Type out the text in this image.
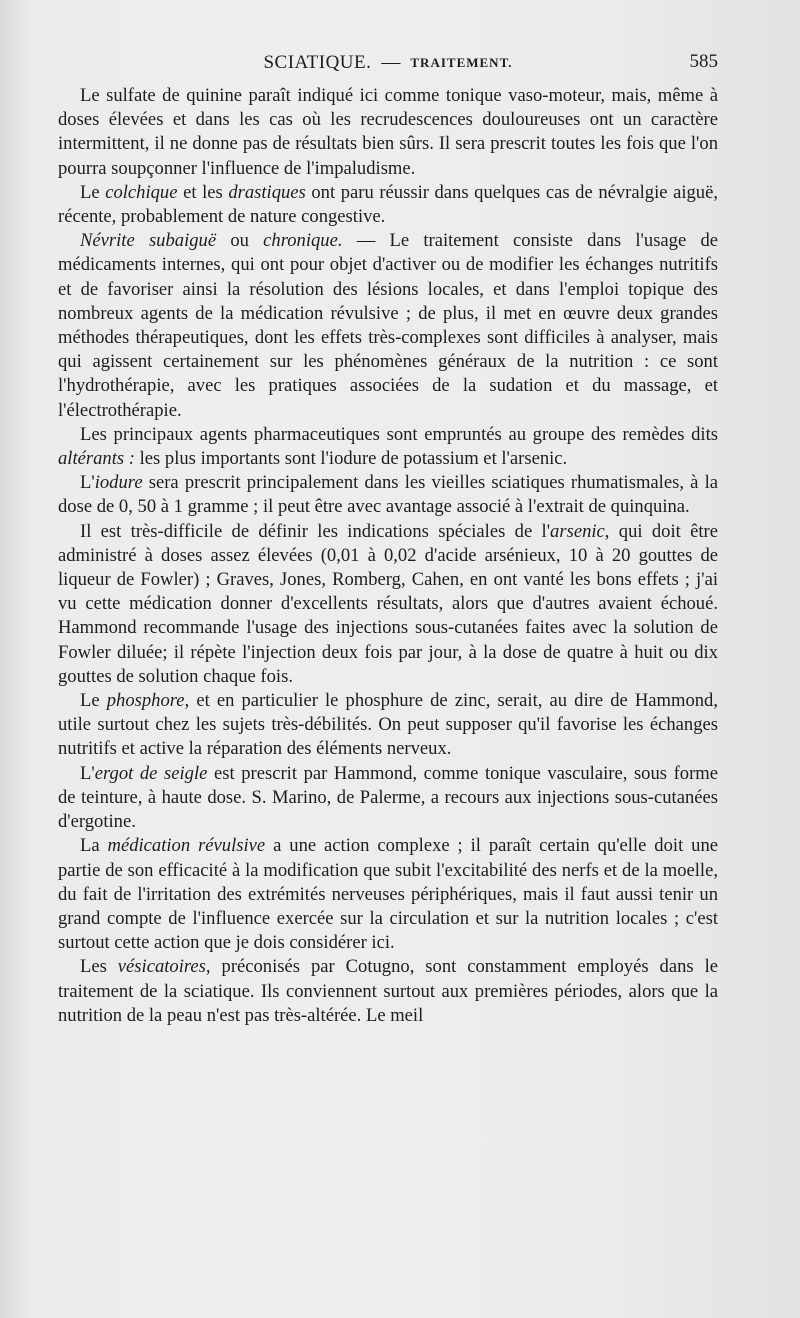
SCIATIQUE. — TRAITEMENT.	585

Le sulfate de quinine paraît indiqué ici comme tonique vaso-moteur, mais, même à doses élevées et dans les cas où les recrudescences douloureuses ont un caractère intermittent, il ne donne pas de résultats bien sûrs. Il sera prescrit toutes les fois que l'on pourra soupçonner l'influence de l'impaludisme.

Le colchique et les drastiques ont paru réussir dans quelques cas de névralgie aiguë, récente, probablement de nature congestive.

Névrite subaiguë ou chronique. — Le traitement consiste dans l'usage de médicaments internes, qui ont pour objet d'activer ou de modifier les échanges nutritifs et de favoriser ainsi la résolution des lésions locales, et dans l'emploi topique des nombreux agents de la médication révulsive ; de plus, il met en œuvre deux grandes méthodes thérapeutiques, dont les effets très-complexes sont difficiles à analyser, mais qui agissent certainement sur les phénomènes généraux de la nutrition : ce sont l'hydrothérapie, avec les pratiques associées de la sudation et du massage, et l'électrothérapie.

Les principaux agents pharmaceutiques sont empruntés au groupe des remèdes dits altérants : les plus importants sont l'iodure de potassium et l'arsenic.

L'iodure sera prescrit principalement dans les vieilles sciatiques rhumatismales, à la dose de 0, 50 à 1 gramme ; il peut être avec avantage associé à l'extrait de quinquina.

Il est très-difficile de définir les indications spéciales de l'arsenic, qui doit être administré à doses assez élevées (0,01 à 0,02 d'acide arsénieux, 10 à 20 gouttes de liqueur de Fowler) ; Graves, Jones, Romberg, Cahen, en ont vanté les bons effets ; j'ai vu cette médication donner d'excellents résultats, alors que d'autres avaient échoué. Hammond recommande l'usage des injections sous-cutanées faites avec la solution de Fowler diluée; il répète l'injection deux fois par jour, à la dose de quatre à huit ou dix gouttes de solution chaque fois.

Le phosphore, et en particulier le phosphure de zinc, serait, au dire de Hammond, utile surtout chez les sujets très-débilités. On peut supposer qu'il favorise les échanges nutritifs et active la réparation des éléments nerveux.

L'ergot de seigle est prescrit par Hammond, comme tonique vasculaire, sous forme de teinture, à haute dose. S. Marino, de Palerme, a recours aux injections sous-cutanées d'ergotine.

La médication révulsive a une action complexe ; il paraît certain qu'elle doit une partie de son efficacité à la modification que subit l'excitabilité des nerfs et de la moelle, du fait de l'irritation des extrémités nerveuses périphériques, mais il faut aussi tenir un grand compte de l'influence exercée sur la circulation et sur la nutrition locales ; c'est surtout cette action que je dois considérer ici.

Les vésicatoires, préconisés par Cotugno, sont constamment employés dans le traitement de la sciatique. Ils conviennent surtout aux premières périodes, alors que la nutrition de la peau n'est pas très-altérée. Le meil
